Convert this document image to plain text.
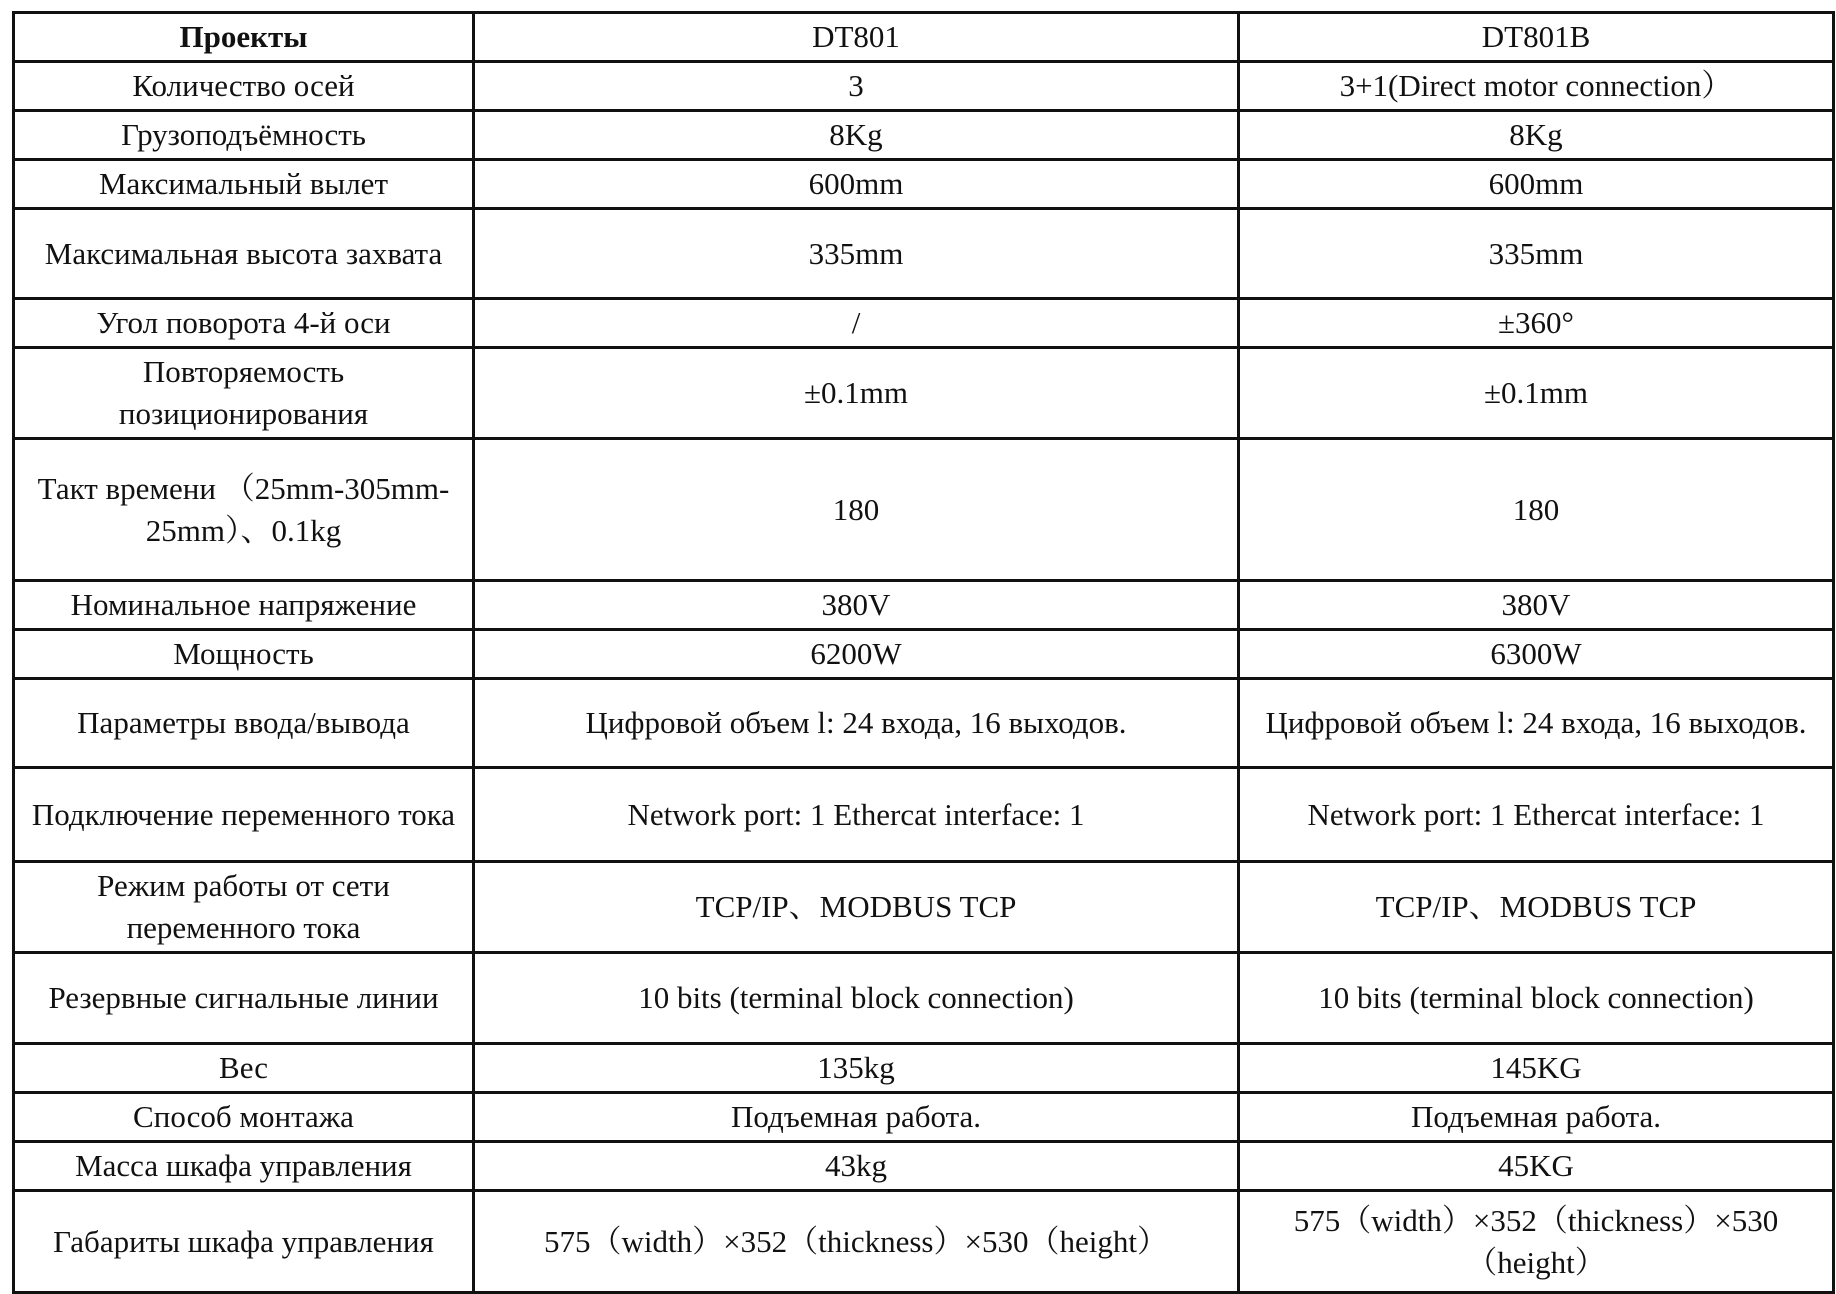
Проекты	DT801	DT801B
Количество осей	3	3+1(Direct motor connection）
Грузоподъёмность	8Kg	8Kg
Максимальный вылет	600mm	600mm
Максимальная высота захвата	335mm	335mm
Угол поворота 4-й оси	/	±360°
Повторяемость позиционирования	±0.1mm	±0.1mm
Такт времени （25mm-305mm-25mm）、0.1kg	180	180
Номинальное напряжение	380V	380V
Мощность	6200W	6300W
Параметры ввода/вывода	Цифровой объем l: 24 входа, 16 выходов.	Цифровой объем l: 24 входа, 16 выходов.
Подключение переменного тока	Network port: 1 Ethercat interface: 1	Network port: 1 Ethercat interface: 1
Режим работы от сети переменного тока	TCP/IP、MODBUS TCP	TCP/IP、MODBUS TCP
Резервные сигнальные линии	10 bits (terminal block connection)	10 bits (terminal block connection)
Вес	135kg	145KG
Способ монтажа	Подъемная работа.	Подъемная работа.
Масса шкафа управления	43kg	45KG
Габариты шкафа управления	575（width）×352（thickness）×530（height）	575（width）×352（thickness）×530（height）
